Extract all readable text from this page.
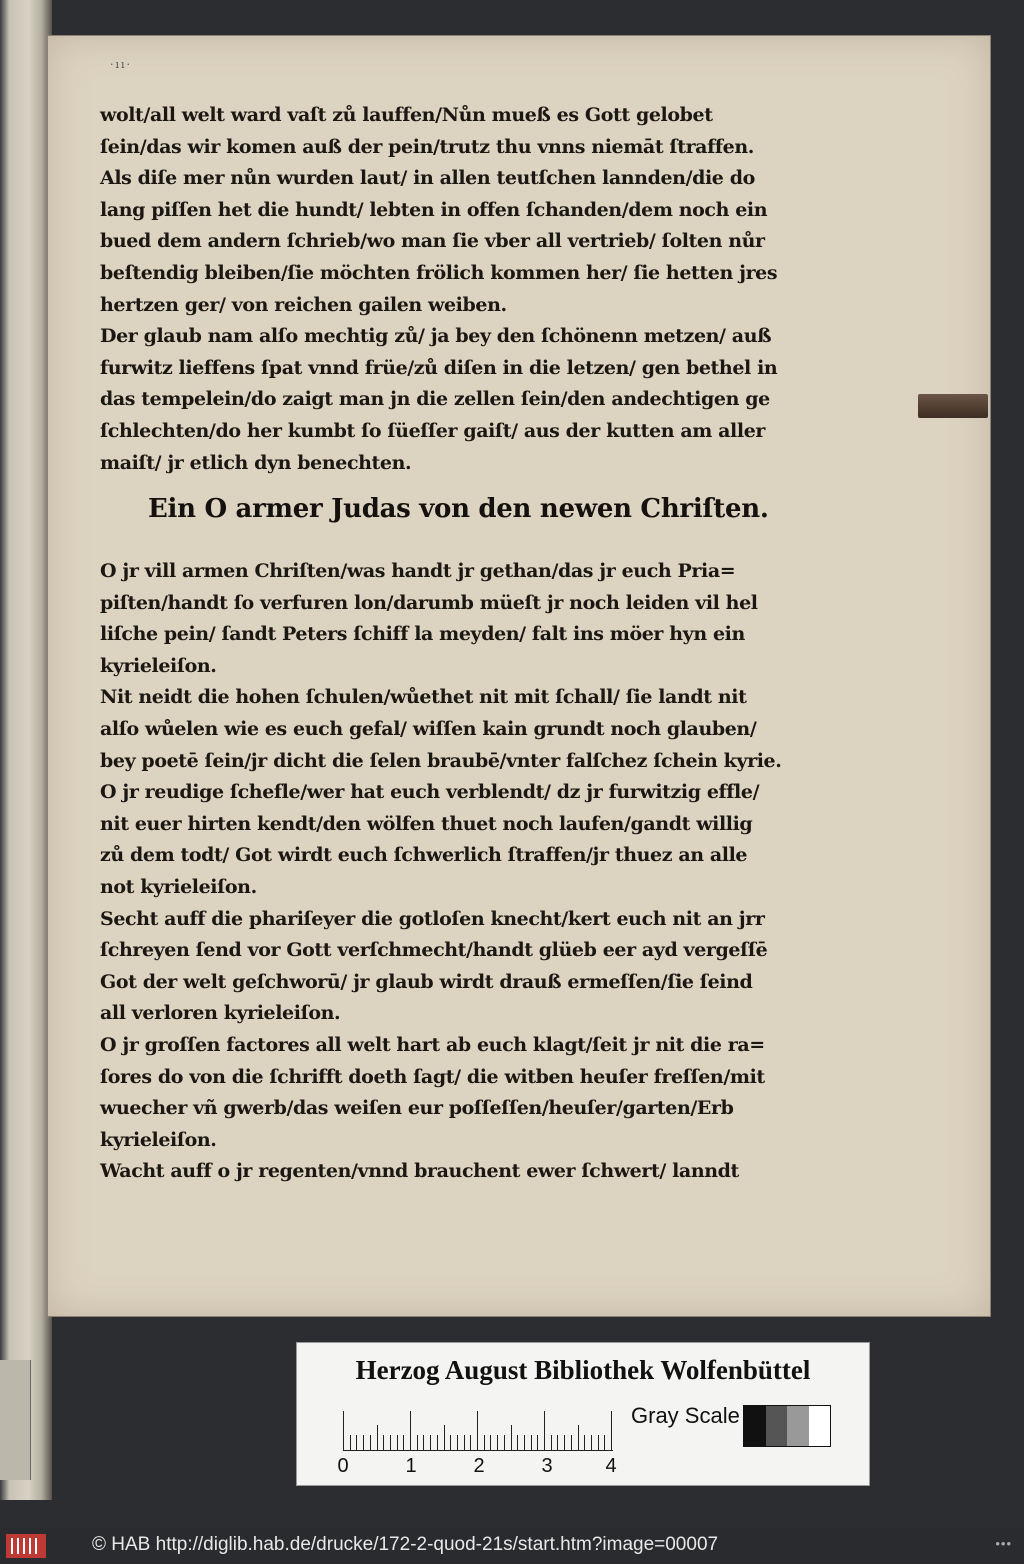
·ıı·
wolt/all welt ward vaſt zů lauffen/Nůn mueß es Gott gelobet
ſein/das wir komen auß der pein/trutz thu vnns niemāt ſtraffen.
Als diſe mer nůn wurden laut/ in allen teutſchen lannden/die do
lang piſſen het die hundt/ lebten in offen ſchanden/dem noch ein
bued dem andern ſchrieb/wo man ſie vber all vertrieb/ ſolten nůr
beſtendig bleiben/ſie möchten frölich kommen her/ ſie hetten jres
hertzen ger/ von reichen gailen weiben.
Der glaub nam alſo mechtig zů/ ja bey den ſchönenn metzen/ auß
furwitz lieffens ſpat vnnd früe/zů diſen in die letzen/ gen bethel in
das tempelein/do zaigt man jn die zellen ſein/den andechtigen ge
ſchlechten/do her kumbt ſo ſüeſſer gaiſt/ aus der kutten am aller
maiſt/ jr etlich dyn benechten.
Ein O armer Judas von den newen Chriſten.
O jr vill armen Chriſten/was handt jr gethan/das jr euch Pria=
piſten/handt ſo verfuren lon/darumb müeſt jr noch leiden vil hel
liſche pein/ ſandt Peters ſchiff la meyden/ falt ins möer hyn ein
kyrieleiſon.
Nit neidt die hohen ſchulen/wůethet nit mit ſchall/ ſie landt nit
alſo wůelen wie es euch gefal/ wiſſen kain grundt noch glauben/
bey poetē ſein/jr dicht die ſelen braubē/vnter falſchez ſchein kyrie.
O jr reudige ſchefle/wer hat euch verblendt/ dz jr furwitzig effle/
nit euer hirten kendt/den wölfen thuet noch laufen/gandt willig
zů dem todt/ Got wirdt euch ſchwerlich ſtraffen/jr thuez an alle
not kyrieleiſon.
Secht auff die phariſeyer die gotloſen knecht/kert euch nit an jrr
ſchreyen ſend vor Gott verſchmecht/handt glüeb eer ayd vergeſſē
Got der welt geſchworū/ jr glaub wirdt drauß ermeſſen/ſie ſeind
all verloren kyrieleiſon.
O jr groſſen factores all welt hart ab euch klagt/ſeit jr nit die ra=
ſores do von die ſchrifft doeth ſagt/ die witben heuſer freſſen/mit
wuecher vñ gwerb/das weiſen eur poſſeſſen/heuſer/garten/Erb
kyrieleiſon.
Wacht auff o jr regenten/vnnd brauchent ewer ſchwert/ lanndt
Herzog August Bibliothek Wolfenbüttel
0	1	2	3	4
Gray Scale
© HAB http://diglib.hab.de/drucke/172-2-quod-21s/start.htm?image=00007	•••
